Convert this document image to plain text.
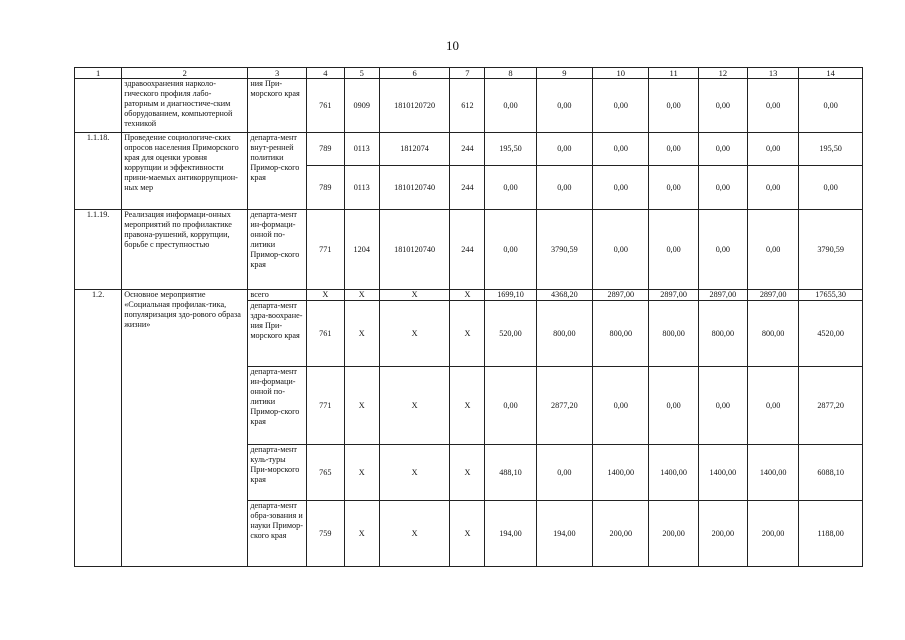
10
1	2	3	4	5	6	7	8	9	10	11	12	13	14
	здравоохранения нарколо-гического профиля лабо-раторным и диагностиче-ским оборудованием, компьютерной техникой	ния При-морского края	761	0909	1810120720	612	0,00	0,00	0,00	0,00	0,00	0,00	0,00
1.1.18.	Проведение социологиче-ских опросов населения Приморского края для оценки уровня коррупции и эффективности прини-маемых антикоррупцион-ных мер	департа-мент внут-ренней политики Примор-ского края	789	0113	1812074	244	195,50	0,00	0,00	0,00	0,00	0,00	195,50
			789	0113	1810120740	244	0,00	0,00	0,00	0,00	0,00	0,00	0,00
1.1.19.	Реализация информаци-онных мероприятий по профилактике правона-рушений, коррупции, борьбе с преступностью	департа-мент ин-формаци-онной по-литики Примор-ского края	771	1204	1810120740	244	0,00	3790,59	0,00	0,00	0,00	0,00	3790,59
1.2.	Основное мероприятие «Социальная профилак-тика, популяризация здо-рового образа жизни»	всего	X	X	X	X	1699,10	4368,20	2897,00	2897,00	2897,00	2897,00	17655,30
		департа-мент здра-воохране-ния При-морского края	761	X	X	X	520,00	800,00	800,00	800,00	800,00	800,00	4520,00
		департа-мент ин-формаци-онной по-литики Примор-ского края	771	X	X	X	0,00	2877,20	0,00	0,00	0,00	0,00	2877,20
		департа-мент куль-туры При-морского края	765	X	X	X	488,10	0,00	1400,00	1400,00	1400,00	1400,00	6088,10
		департа-мент обра-зования и науки Примор-ского края	759	X	X	X	194,00	194,00	200,00	200,00	200,00	200,00	1188,00
